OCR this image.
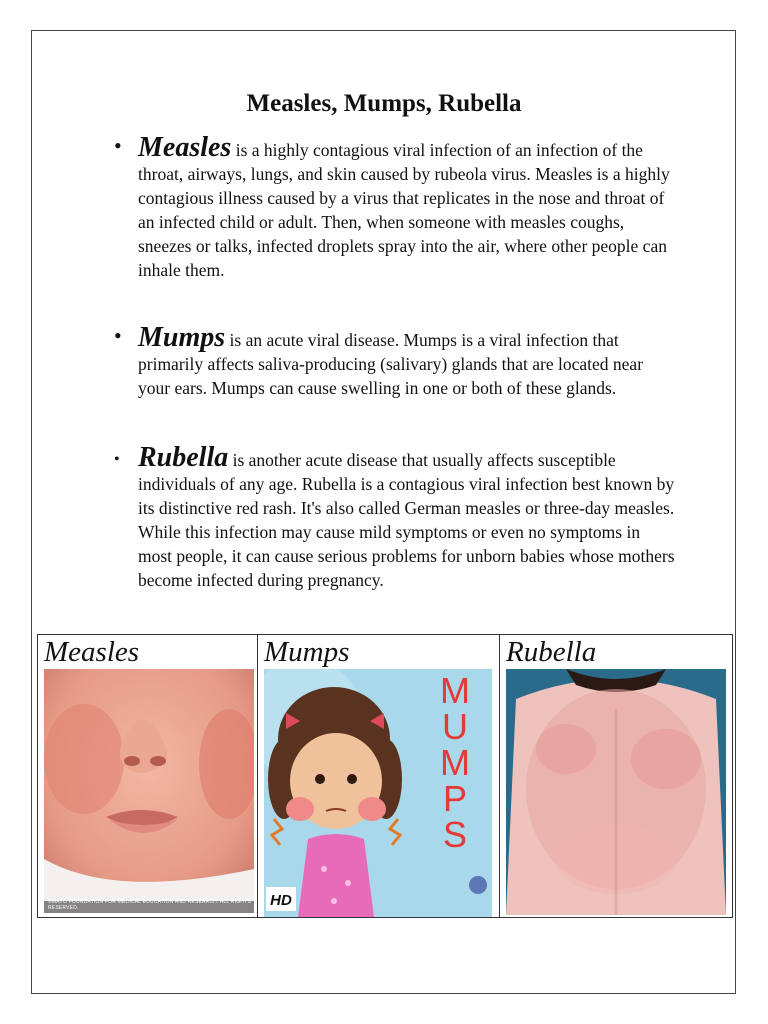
Measles, Mumps, Rubella
• Measles is a highly contagious viral infection of an infection of the throat, airways, lungs, and skin caused by rubeola virus. Measles is a highly contagious illness caused by a virus that replicates in the nose and throat of an infected child or adult. Then, when someone with measles coughs, sneezes or talks, infected droplets spray into the air, where other people can inhale them.
• Mumps is an acute viral disease. Mumps is a viral infection that primarily affects saliva-producing (salivary) glands that are located near your ears. Mumps can cause swelling in one or both of these glands.
• Rubella is another acute disease that usually affects susceptible individuals of any age. Rubella is a contagious viral infection best known by its distinctive red rash. It's also called German measles or three-day measles. While this infection may cause mild symptoms or even no symptoms in most people, it can cause serious problems for unborn babies whose mothers become infected during pregnancy.
Measles
©MAYO FOUNDATION FOR MEDICAL EDUCATION AND RESEARCH. ALL RIGHTS RESERVED.
Mumps
HD
MUMPS
Rubella
